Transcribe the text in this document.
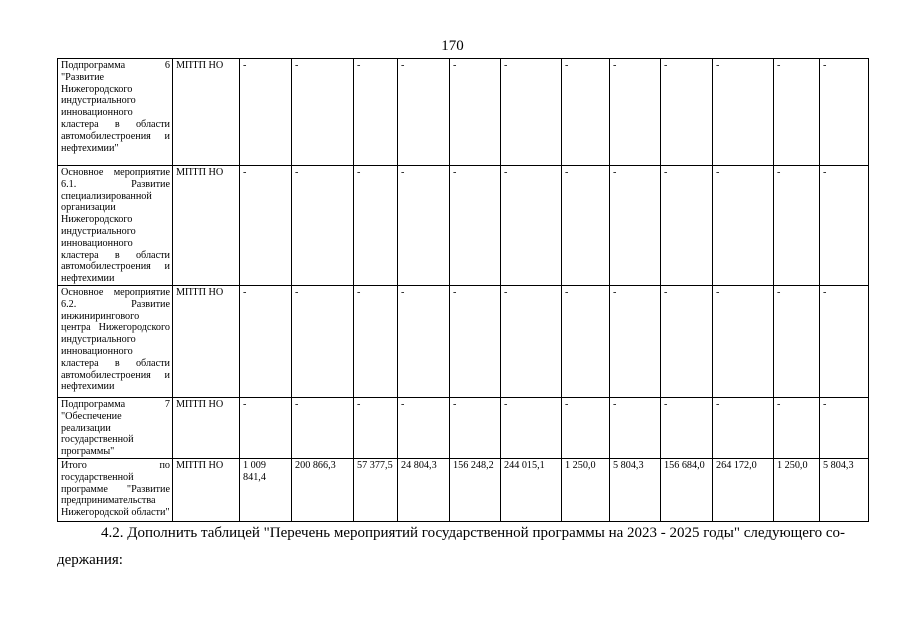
170
Подпрограмма 6 "Развитие Нижегородского индустриального инновационного кластера в области автомобилестроения и нефтехимии"	МПТП НО	-	-	-	-	-	-	-	-	-	-	-	-
Основное мероприятие 6.1. Развитие специализированной организации Нижегородского индустриального инновационного кластера в области автомобилестроения и нефтехимии	МПТП НО	-	-	-	-	-	-	-	-	-	-	-	-
Основное мероприятие 6.2. Развитие инжинирингового центра Нижегородского индустриального инновационного кластера в области автомобилестроения и нефтехимии	МПТП НО	-	-	-	-	-	-	-	-	-	-	-	-
Подпрограмма 7 "Обеспечение реализации государственной программы"	МПТП НО	-	-	-	-	-	-	-	-	-	-	-	-
Итого по государственной программе "Развитие предпринимательства Нижегородской области"	МПТП НО	1 009 841,4	200 866,3	57 377,5	24 804,3	156 248,2	244 015,1	1 250,0	5 804,3	156 684,0	264 172,0	1 250,0	5 804,3
4.2. Дополнить таблицей "Перечень мероприятий государственной программы на 2023 - 2025 годы" следующего со-
держания:
